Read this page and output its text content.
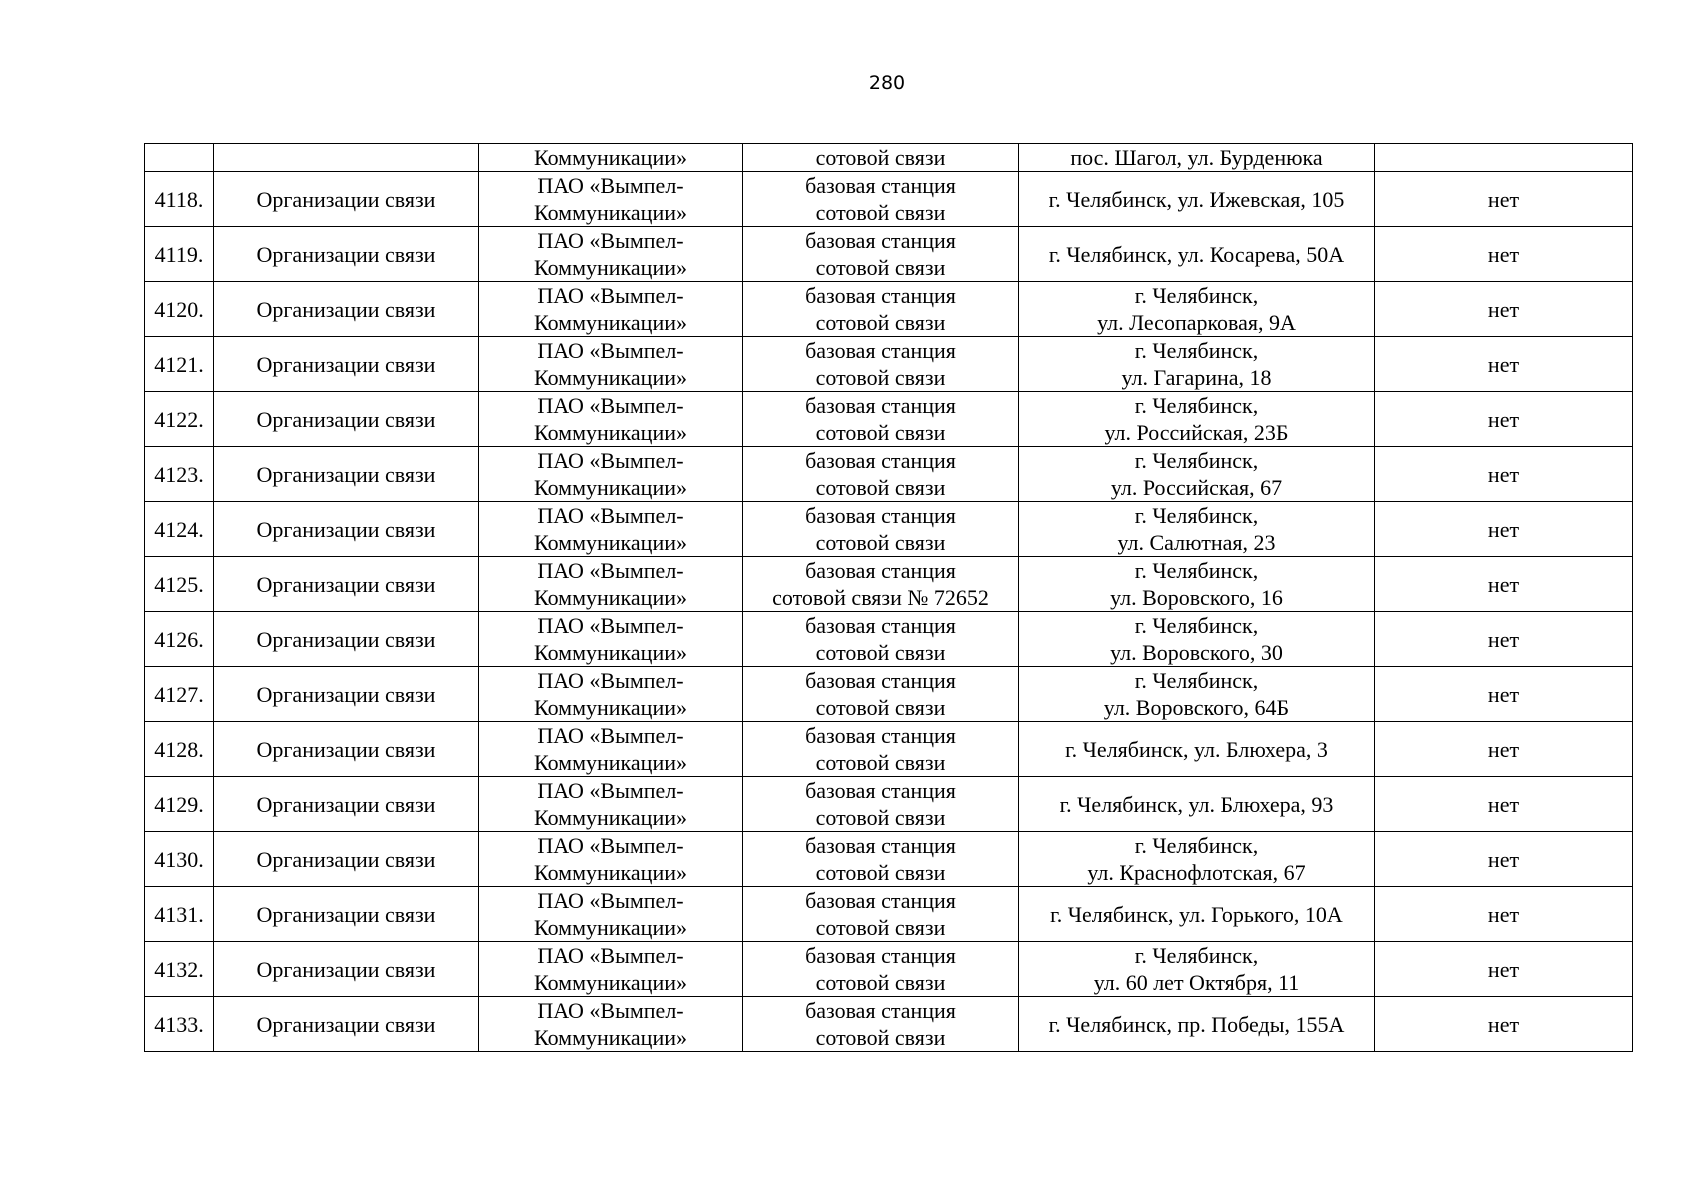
280
		Коммуникации»	сотовой связи	пос. Шагол, ул. Бурденюка	
4118.	Организации связи	ПАО «Вымпел-
Коммуникации»	базовая станция
сотовой связи	г. Челябинск, ул. Ижевская, 105	нет
4119.	Организации связи	ПАО «Вымпел-
Коммуникации»	базовая станция
сотовой связи	г. Челябинск, ул. Косарева, 50А	нет
4120.	Организации связи	ПАО «Вымпел-
Коммуникации»	базовая станция
сотовой связи	г. Челябинск,
ул. Лесопарковая, 9А	нет
4121.	Организации связи	ПАО «Вымпел-
Коммуникации»	базовая станция
сотовой связи	г. Челябинск,
ул. Гагарина, 18	нет
4122.	Организации связи	ПАО «Вымпел-
Коммуникации»	базовая станция
сотовой связи	г. Челябинск,
ул. Российская, 23Б	нет
4123.	Организации связи	ПАО «Вымпел-
Коммуникации»	базовая станция
сотовой связи	г. Челябинск,
ул. Российская, 67	нет
4124.	Организации связи	ПАО «Вымпел-
Коммуникации»	базовая станция
сотовой связи	г. Челябинск,
ул. Салютная, 23	нет
4125.	Организации связи	ПАО «Вымпел-
Коммуникации»	базовая станция
сотовой связи № 72652	г. Челябинск,
ул. Воровского, 16	нет
4126.	Организации связи	ПАО «Вымпел-
Коммуникации»	базовая станция
сотовой связи	г. Челябинск,
ул. Воровского, 30	нет
4127.	Организации связи	ПАО «Вымпел-
Коммуникации»	базовая станция
сотовой связи	г. Челябинск,
ул. Воровского, 64Б	нет
4128.	Организации связи	ПАО «Вымпел-
Коммуникации»	базовая станция
сотовой связи	г. Челябинск, ул. Блюхера, 3	нет
4129.	Организации связи	ПАО «Вымпел-
Коммуникации»	базовая станция
сотовой связи	г. Челябинск, ул. Блюхера, 93	нет
4130.	Организации связи	ПАО «Вымпел-
Коммуникации»	базовая станция
сотовой связи	г. Челябинск,
ул. Краснофлотская, 67	нет
4131.	Организации связи	ПАО «Вымпел-
Коммуникации»	базовая станция
сотовой связи	г. Челябинск, ул. Горького, 10А	нет
4132.	Организации связи	ПАО «Вымпел-
Коммуникации»	базовая станция
сотовой связи	г. Челябинск,
ул. 60 лет Октября, 11	нет
4133.	Организации связи	ПАО «Вымпел-
Коммуникации»	базовая станция
сотовой связи	г. Челябинск, пр. Победы, 155А	нет
